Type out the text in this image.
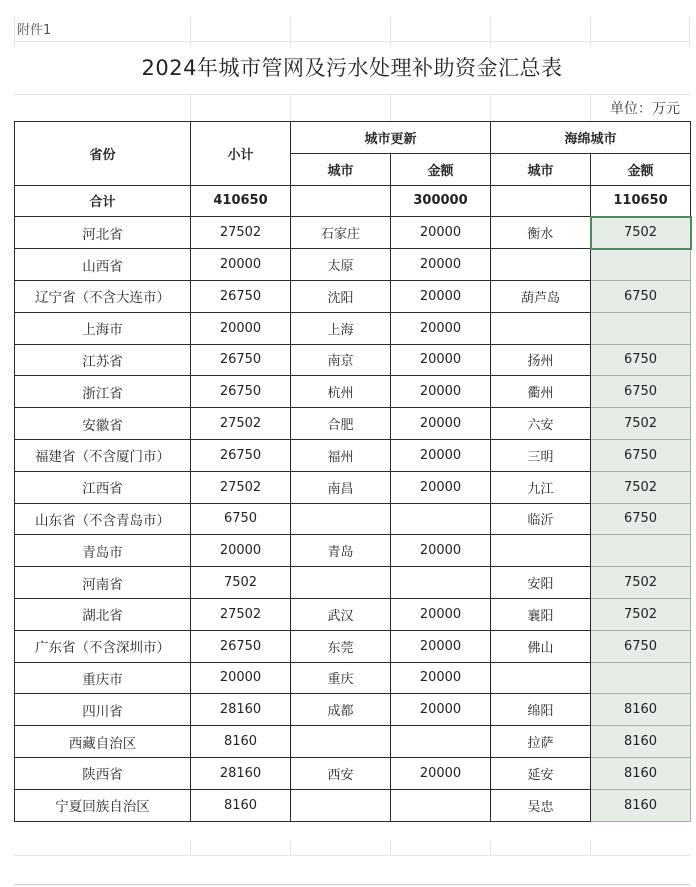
附件1
2024年城市管网及污水处理补助资金汇总表
单位：万元
省份	小计	城市更新		海绵城市	
		城市	金额	城市	金额
合计	410650		300000		110650
河北省	27502	石家庄	20000	衡水	7502
山西省	20000	太原	20000		
辽宁省（不含大连市）	26750	沈阳	20000	葫芦岛	6750
上海市	20000	上海	20000		
江苏省	26750	南京	20000	扬州	6750
浙江省	26750	杭州	20000	衢州	6750
安徽省	27502	合肥	20000	六安	7502
福建省（不含厦门市）	26750	福州	20000	三明	6750
江西省	27502	南昌	20000	九江	7502
山东省（不含青岛市）	6750			临沂	6750
青岛市	20000	青岛	20000		
河南省	7502			安阳	7502
湖北省	27502	武汉	20000	襄阳	7502
广东省（不含深圳市）	26750	东莞	20000	佛山	6750
重庆市	20000	重庆	20000		
四川省	28160	成都	20000	绵阳	8160
西藏自治区	8160			拉萨	8160
陕西省	28160	西安	20000	延安	8160
宁夏回族自治区	8160			吴忠	8160
